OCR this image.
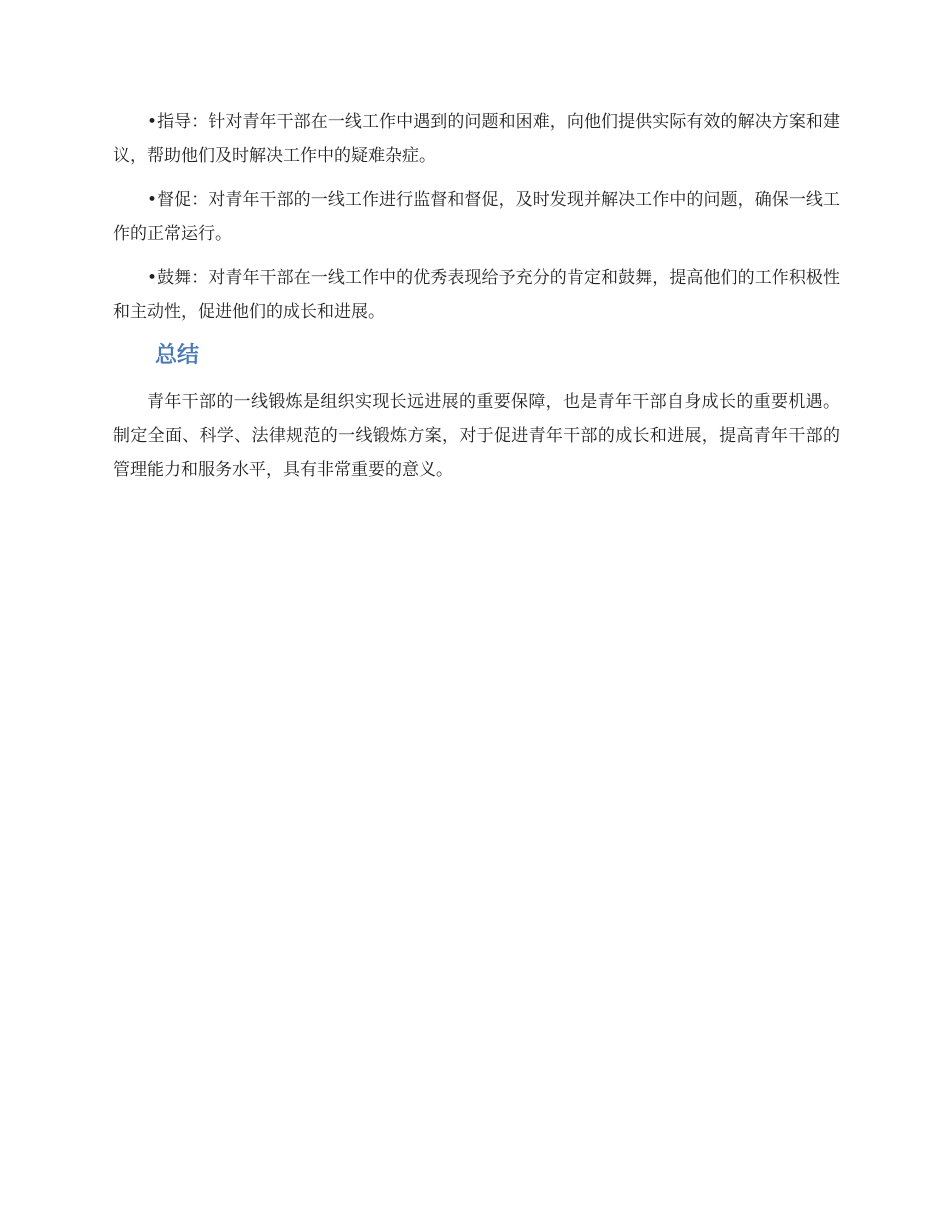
•指导：针对青年干部在一线工作中遇到的问题和困难，向他们提供实际有效的解决方案和建议，帮助他们及时解决工作中的疑难杂症。

•督促：对青年干部的一线工作进行监督和督促，及时发现并解决工作中的问题，确保一线工作的正常运行。

•鼓舞：对青年干部在一线工作中的优秀表现给予充分的肯定和鼓舞，提高他们的工作积极性和主动性，促进他们的成长和进展。

总结

青年干部的一线锻炼是组织实现长远进展的重要保障，也是青年干部自身成长的重要机遇。制定全面、科学、法律规范的一线锻炼方案，对于促进青年干部的成长和进展，提高青年干部的管理能力和服务水平，具有非常重要的意义。
